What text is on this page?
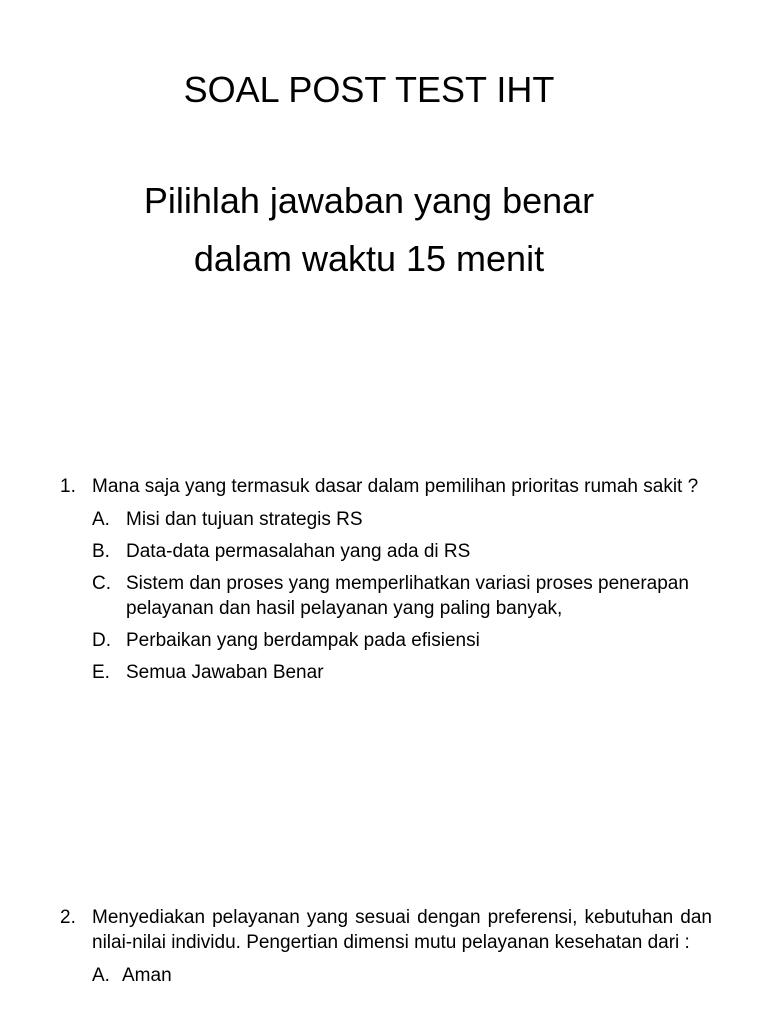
SOAL POST TEST IHT
Pilihlah jawaban yang benar
dalam waktu 15 menit
1. Mana saja yang termasuk dasar dalam pemilihan prioritas rumah sakit ?
A. Misi dan tujuan strategis RS
B. Data-data permasalahan yang ada di RS
C. Sistem dan proses yang memperlihatkan variasi proses penerapan pelayanan dan hasil pelayanan yang paling banyak,
D. Perbaikan yang berdampak pada efisiensi
E. Semua Jawaban Benar
2. Menyediakan pelayanan yang sesuai dengan preferensi, kebutuhan dan nilai-nilai individu. Pengertian dimensi mutu pelayanan kesehatan dari :
A. Aman
